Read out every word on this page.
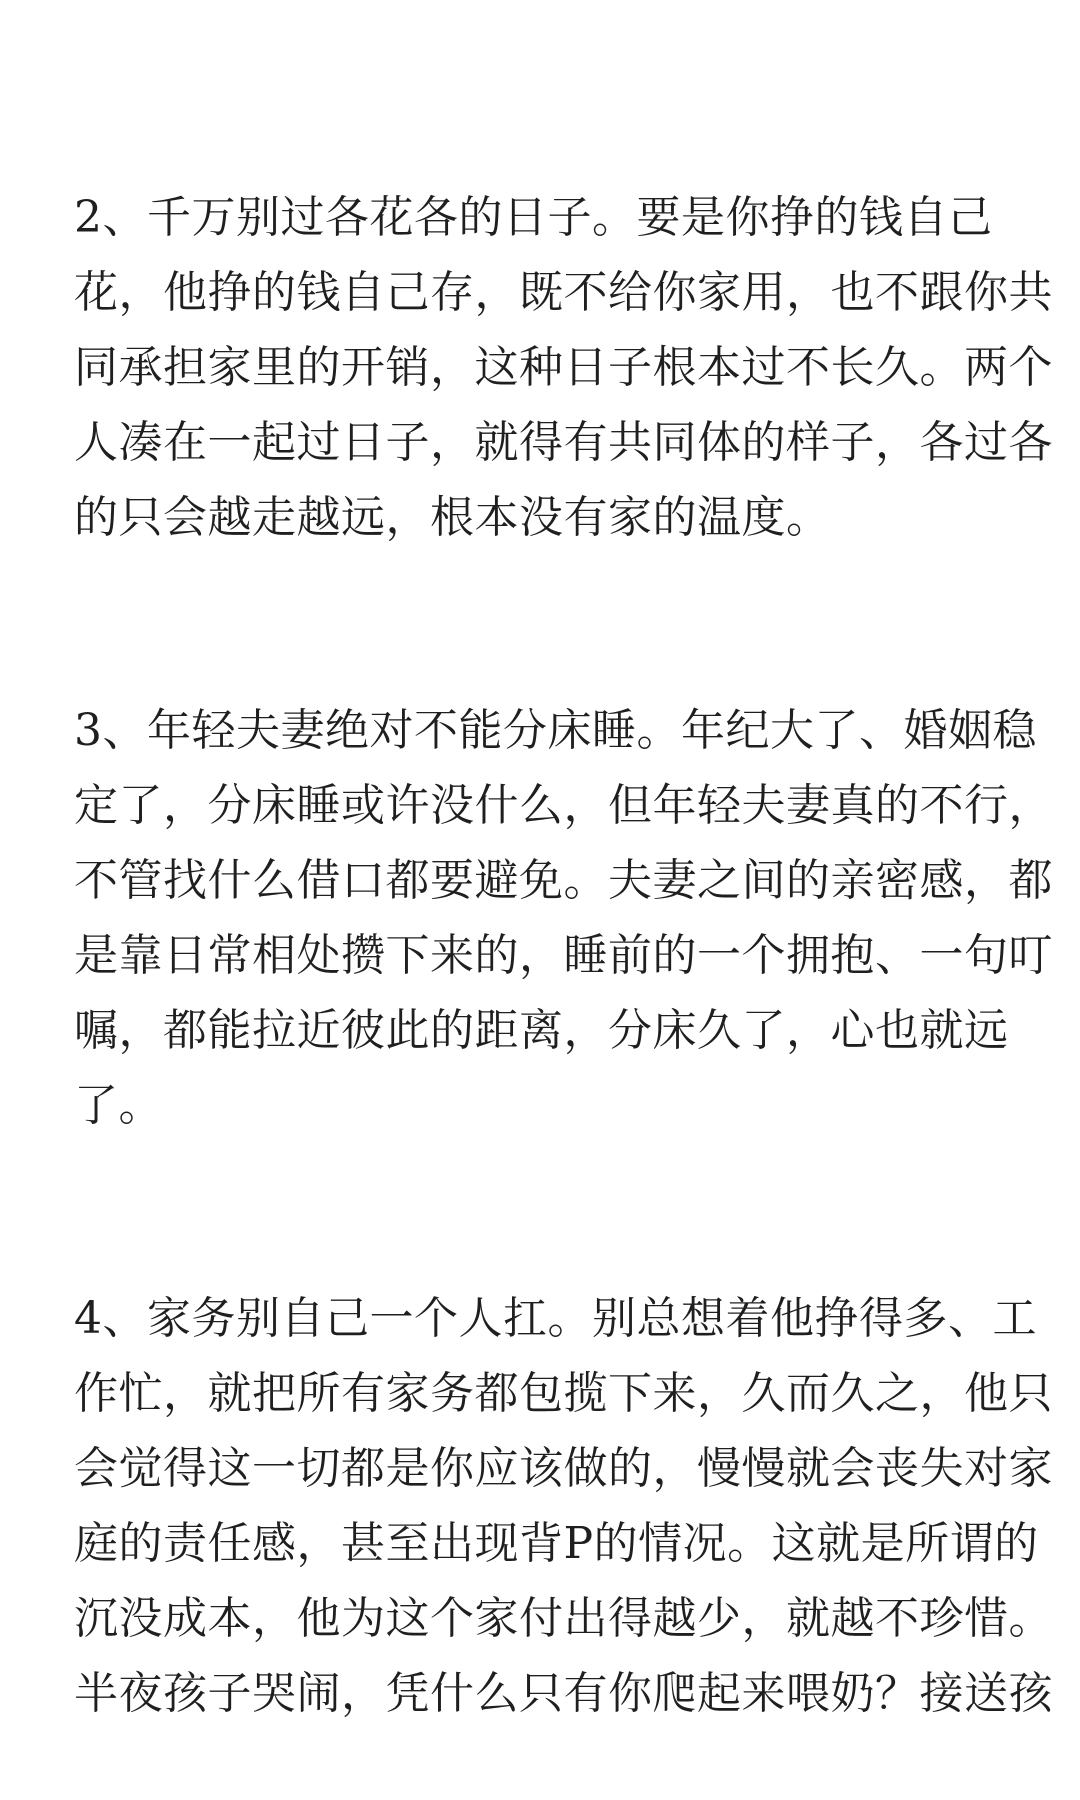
2、千万别过各花各的日子。要是你挣的钱自己
花，他挣的钱自己存，既不给你家用，也不跟你共
同承担家里的开销，这种日子根本过不长久。两个
人凑在一起过日子，就得有共同体的样子，各过各
的只会越走越远，根本没有家的温度。

3、年轻夫妻绝对不能分床睡。年纪大了、婚姻稳
定了，分床睡或许没什么，但年轻夫妻真的不行，
不管找什么借口都要避免。夫妻之间的亲密感，都
是靠日常相处攒下来的，睡前的一个拥抱、一句叮
嘱，都能拉近彼此的距离，分床久了，心也就远
了。

4、家务别自己一个人扛。别总想着他挣得多、工
作忙，就把所有家务都包揽下来，久而久之，他只
会觉得这一切都是你应该做的，慢慢就会丧失对家
庭的责任感，甚至出现背P的情况。这就是所谓的
沉没成本，他为这个家付出得越少，就越不珍惜。
半夜孩子哭闹，凭什么只有你爬起来喂奶？接送孩
